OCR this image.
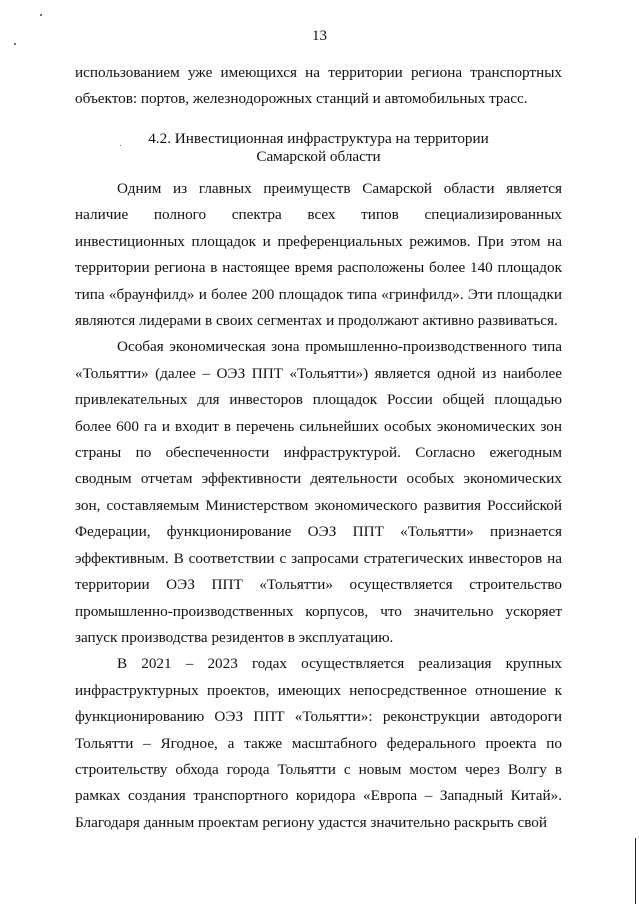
13
использованием уже имеющихся на территории региона транспортных объектов: портов, железнодорожных станций и автомобильных трасс.
4.2. Инвестиционная инфраструктура на территории
Самарской области

Одним из главных преимуществ Самарской области является наличие полного спектра всех типов специализированных инвестиционных площадок и преференциальных режимов. При этом на территории региона в настоящее время расположены более 140 площадок типа «браунфилд» и более 200 площадок типа «гринфилд». Эти площадки являются лидерами в своих сегментах и продолжают активно развиваться.

Особая экономическая зона промышленно-производственного типа «Тольятти» (далее – ОЭЗ ППТ «Тольятти») является одной из наиболее привлекательных для инвесторов площадок России общей площадью более 600 га и входит в перечень сильнейших особых экономических зон страны по обеспеченности инфраструктурой. Согласно ежегодным сводным отчетам эффективности деятельности особых экономических зон, составляемым Министерством экономического развития Российской Федерации, функционирование ОЭЗ ППТ «Тольятти» признается эффективным. В соответствии с запросами стратегических инвесторов на территории ОЭЗ ППТ «Тольятти» осуществляется строительство промышленно-производственных корпусов, что значительно ускоряет запуск производства резидентов в эксплуатацию.

В 2021 – 2023 годах осуществляется реализация крупных инфраструктурных проектов, имеющих непосредственное отношение к функционированию ОЭЗ ППТ «Тольятти»: реконструкции автодороги Тольятти – Ягодное, а также масштабного федерального проекта по строительству обхода города Тольятти с новым мостом через Волгу в рамках создания транспортного коридора «Европа – Западный Китай». Благодаря данным проектам региону удастся значительно раскрыть свой
